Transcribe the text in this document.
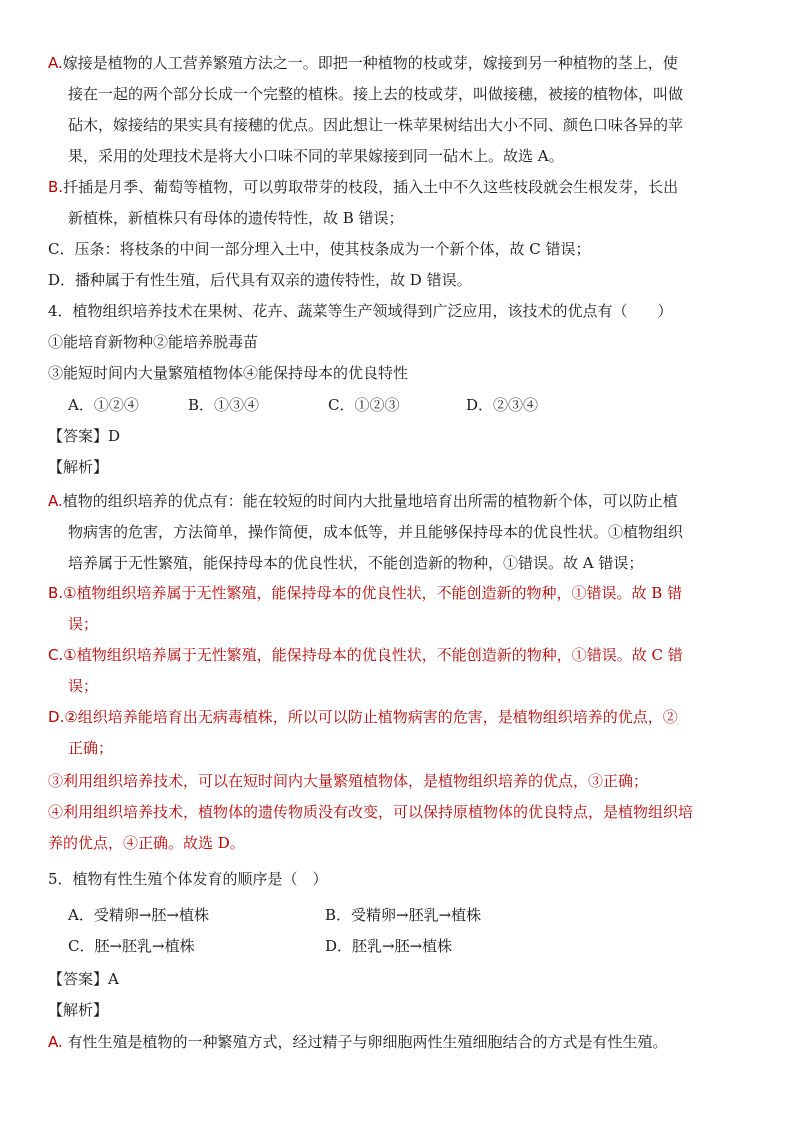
A.嫁接是植物的人工营养繁殖方法之一。即把一种植物的枝或芽，嫁接到另一种植物的茎上，使
接在一起的两个部分长成一个完整的植株。接上去的枝或芽，叫做接穗，被接的植物体，叫做
砧木，嫁接结的果实具有接穗的优点。因此想让一株苹果树结出大小不同、颜色口味各异的苹
果，采用的处理技术是将大小口味不同的苹果嫁接到同一砧木上。故选 A。
B.扦插是月季、葡萄等植物，可以剪取带芽的枝段，插入土中不久这些枝段就会生根发芽，长出
新植株，新植株只有母体的遗传特性，故 B 错误；
C．压条：将枝条的中间一部分埋入土中，使其枝条成为一个新个体，故 C 错误；
D．播种属于有性生殖，后代具有双亲的遗传特性，故 D 错误。
4．植物组织培养技术在果树、花卉、蔬菜等生产领域得到广泛应用，该技术的优点有（　　）
①能培育新物种②能培养脱毒苗
③能短时间内大量繁殖植物体④能保持母本的优良特性
A．①②④	B．①③④	C．①②③	D．②③④
【答案】D
【解析】
A.植物的组织培养的优点有：能在较短的时间内大批量地培育出所需的植物新个体，可以防止植
物病害的危害，方法简单，操作简便，成本低等，并且能够保持母本的优良性状。①植物组织
培养属于无性繁殖，能保持母本的优良性状，不能创造新的物种，①错误。故 A 错误；
B.①植物组织培养属于无性繁殖，能保持母本的优良性状，不能创造新的物种，①错误。故 B 错
误；
C.①植物组织培养属于无性繁殖，能保持母本的优良性状，不能创造新的物种，①错误。故 C 错
误；
D.②组织培养能培育出无病毒植株，所以可以防止植物病害的危害，是植物组织培养的优点，②
正确；
③利用组织培养技术，可以在短时间内大量繁殖植物体，是植物组织培养的优点，③正确；
④利用组织培养技术，植物体的遗传物质没有改变，可以保持原植物体的优良特点，是植物组织培
养的优点，④正确。故选 D。
5．植物有性生殖个体发育的顺序是（　）
A．受精卵→胚→植株	B．受精卵→胚乳→植株
C．胚→胚乳→植株	D．胚乳→胚→植株
【答案】A
【解析】
A. 有性生殖是植物的一种繁殖方式，经过精子与卵细胞两性生殖细胞结合的方式是有性生殖。
